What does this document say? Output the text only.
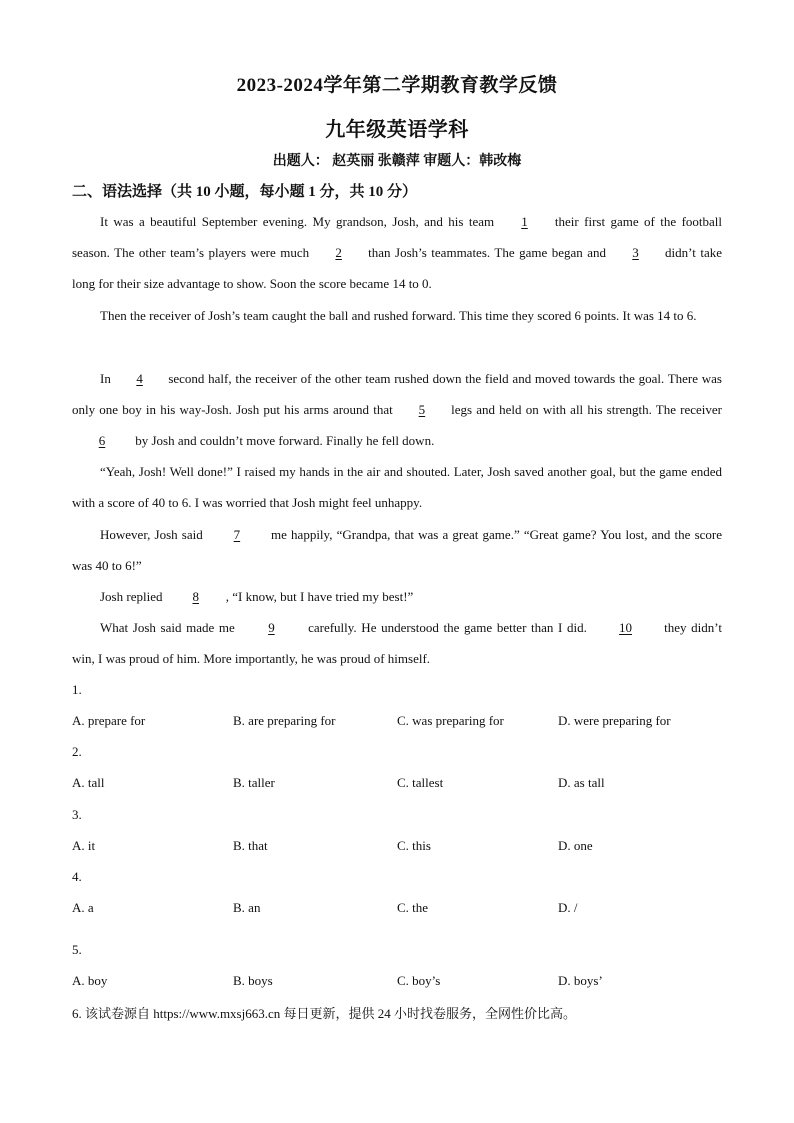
2023-2024学年第二学期教育教学反馈
九年级英语学科
出题人： 赵英丽 张赣萍 审题人：韩改梅
二、语法选择（共 10 小题，每小题 1 分，共 10 分）
It was a beautiful September evening. My grandson, Josh, and his team 1 their first game of the football season. The other team’s players were much 2 than Josh’s teammates. The game began and 3 didn’t take long for their size advantage to show. Soon the score became 14 to 0.
Then the receiver of Josh’s team caught the ball and rushed forward. This time they scored 6 points. It was 14 to 6.
In 4 second half, the receiver of the other team rushed down the field and moved towards the goal. There was only one boy in his way-Josh. Josh put his arms around that 5 legs and held on with all his strength. The receiver 6 by Josh and couldn’t move forward. Finally he fell down.
“Yeah, Josh! Well done!” I raised my hands in the air and shouted. Later, Josh saved another goal, but the game ended with a score of 40 to 6. I was worried that Josh might feel unhappy.
However, Josh said 7 me happily, “Grandpa, that was a great game.” “Great game? You lost, and the score was 40 to 6!”
Josh replied 8 , “I know, but I have tried my best!”
What Josh said made me 9 carefully. He understood the game better than I did. 10 they didn’t win, I was proud of him. More importantly, he was proud of himself.
1.
A. prepare for	B. are preparing for	C. was preparing for	D. were preparing for
2.
A. tall	B. taller	C. tallest	D. as tall
3.
A. it	B. that	C. this	D. one
4.
A. a	B. an	C. the	D. /
5.
A. boy	B. boys	C. boy’s	D. boys’
6. 该试卷源自 https://www.mxsj663.cn 每日更新，提供 24 小时找卷服务，全网性价比高。
